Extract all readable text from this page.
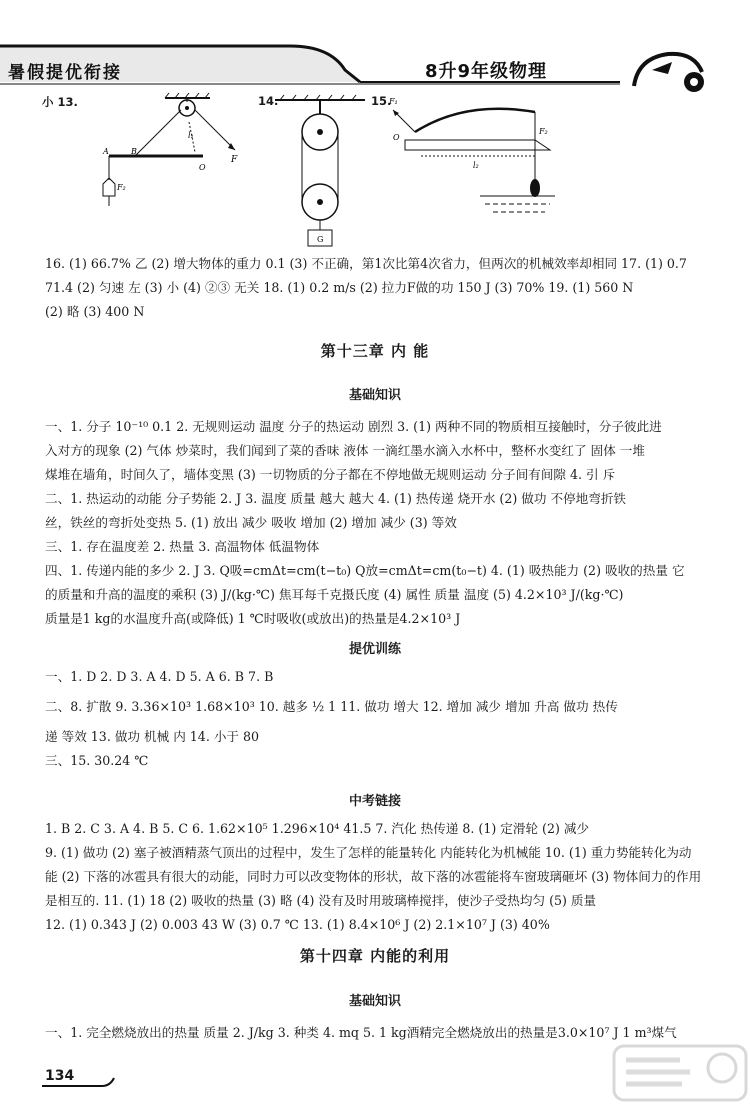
暑假提优衔接	8升9年级物理
小 13.
F
l₁
A	B
O
F₂
14.
G
15.
F₁
O
F₂
l₂
16. (1) 66.7% 乙 (2) 增大物体的重力 0.1 (3) 不正确，第1次比第4次省力，但两次的机械效率却相同 17. (1) 0.7
71.4 (2) 匀速 左 (3) 小 (4) ②③ 无关 18. (1) 0.2 m/s (2) 拉力F做的功 150 J (3) 70% 19. (1) 560 N
(2) 略 (3) 400 N
第十三章 内 能
基础知识
一、1. 分子 10⁻¹⁰ 0.1 2. 无规则运动 温度 分子的热运动 剧烈 3. (1) 两种不同的物质相互接触时，分子彼此进
入对方的现象 (2) 气体 炒菜时，我们闻到了菜的香味 液体 一滴红墨水滴入水杯中，整杯水变红了 固体 一堆
煤堆在墙角，时间久了，墙体变黑 (3) 一切物质的分子都在不停地做无规则运动 分子间有间隙 4. 引 斥
二、1. 热运动的动能 分子势能 2. J 3. 温度 质量 越大 越大 4. (1) 热传递 烧开水 (2) 做功 不停地弯折铁
丝，铁丝的弯折处变热 5. (1) 放出 减少 吸收 增加 (2) 增加 减少 (3) 等效
三、1. 存在温度差 2. 热量 3. 高温物体 低温物体
四、1. 传递内能的多少 2. J 3. Q吸=cmΔt=cm(t−t₀) Q放=cmΔt=cm(t₀−t) 4. (1) 吸热能力 (2) 吸收的热量 它
的质量和升高的温度的乘积 (3) J/(kg·℃) 焦耳每千克摄氏度 (4) 属性 质量 温度 (5) 4.2×10³ J/(kg·℃)
质量是1 kg的水温度升高(或降低) 1 ℃时吸收(或放出)的热量是4.2×10³ J
提优训练
一、1. D 2. D 3. A 4. D 5. A 6. B 7. B
二、8. 扩散 9. 3.36×10³ 1.68×10³ 10. 越多 ½ 1 11. 做功 增大 12. 增加 减少 增加 升高 做功 热传
递 等效 13. 做功 机械 内 14. 小于 80
三、15. 30.24 ℃
中考链接
1. B 2. C 3. A 4. B 5. C 6. 1.62×10⁵ 1.296×10⁴ 41.5 7. 汽化 热传递 8. (1) 定滑轮 (2) 减少
9. (1) 做功 (2) 塞子被酒精蒸气顶出的过程中，发生了怎样的能量转化 内能转化为机械能 10. (1) 重力势能转化为动
能 (2) 下落的冰雹具有很大的动能，同时力可以改变物体的形状，故下落的冰雹能将车窗玻璃砸坏 (3) 物体间力的作用
是相互的. 11. (1) 18 (2) 吸收的热量 (3) 略 (4) 没有及时用玻璃棒搅拌，使沙子受热均匀 (5) 质量
12. (1) 0.343 J (2) 0.003 43 W (3) 0.7 ℃ 13. (1) 8.4×10⁶ J (2) 2.1×10⁷ J (3) 40%
第十四章 内能的利用
基础知识
一、1. 完全燃烧放出的热量 质量 2. J/kg 3. 种类 4. mq 5. 1 kg酒精完全燃烧放出的热量是3.0×10⁷ J 1 m³煤气
134
